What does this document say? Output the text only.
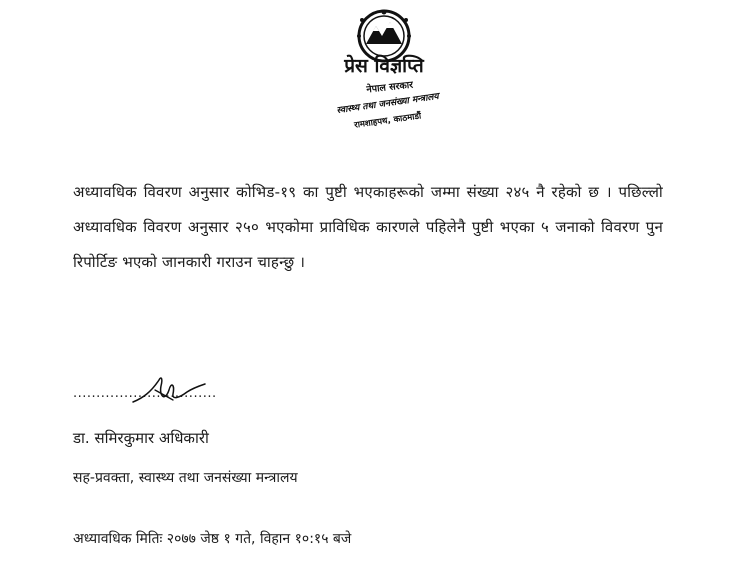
प्रेस विज्ञप्ति
नेपाल सरकार
स्वास्थ्य तथा जनसंख्या मन्त्रालय
रामशाहपथ, काठमाडौं
अध्यावधिक विवरण अनुसार कोभिड-१९ का पुष्टी भएकाहरूको जम्मा संख्या २४५ नै रहेको छ । पछिल्लो अध्यावधिक विवरण अनुसार २५० भएकोमा प्राविधिक कारणले पहिलेनै पुष्टी भएका ५ जनाको विवरण पुन रिपोर्टिङ भएको जानकारी गराउन चाहन्छु ।
...............................
डा. समिरकुमार अधिकारी
सह-प्रवक्ता, स्वास्थ्य तथा जनसंख्या मन्त्रालय
अध्यावधिक मितिः २०७७ जेष्ठ १ गते, विहान १०:१५ बजे
